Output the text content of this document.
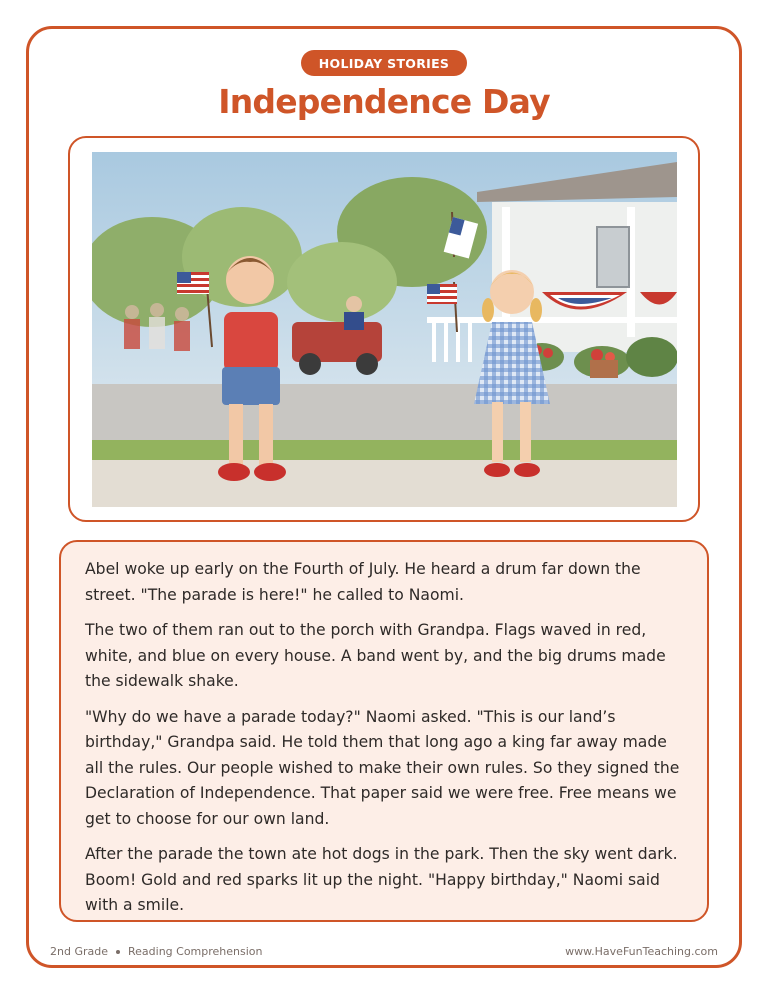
HOLIDAY STORIES
Independence Day

Abel woke up early on the Fourth of July. He heard a drum far down the street. "The parade is here!" he called to Naomi.

The two of them ran out to the porch with Grandpa. Flags waved in red, white, and blue on every house. A band went by, and the big drums made the sidewalk shake.

"Why do we have a parade today?" Naomi asked. "This is our land’s birthday," Grandpa said. He told them that long ago a king far away made all the rules. Our people wished to make their own rules. So they signed the Declaration of Independence. That paper said we were free. Free means we get to choose for our own land.

After the parade the town ate hot dogs in the park. Then the sky went dark. Boom! Gold and red sparks lit up the night. "Happy birthday," Naomi said with a smile.

2nd Grade Reading Comprehension	www.HaveFunTeaching.com
